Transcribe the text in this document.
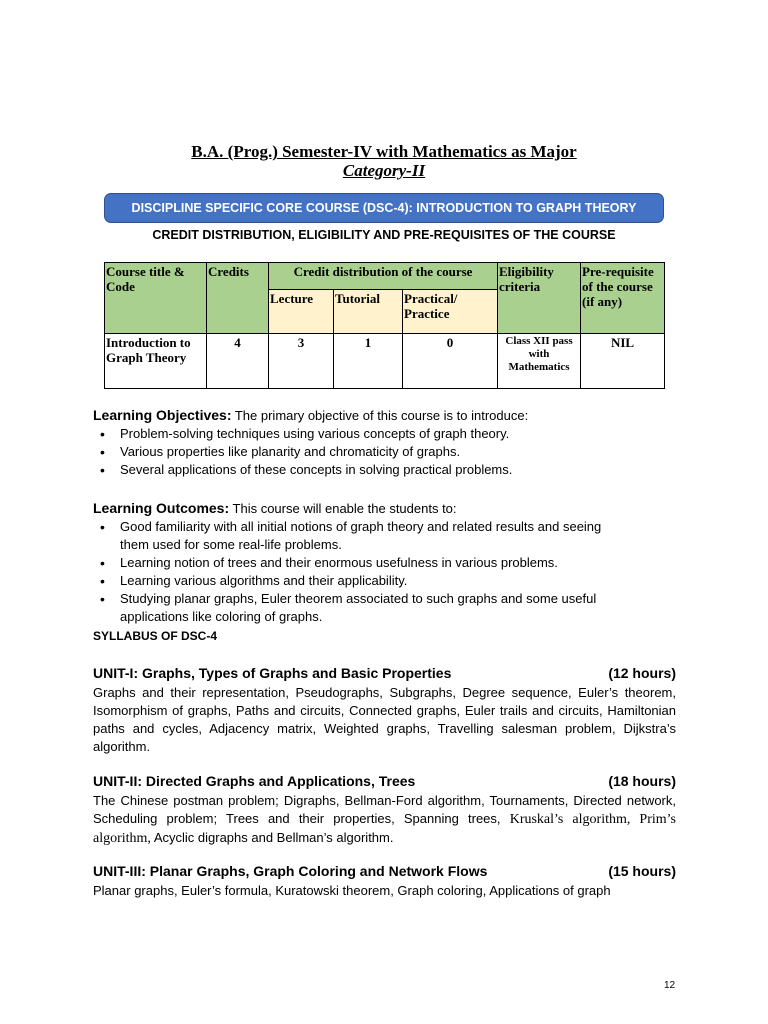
B.A. (Prog.) Semester-IV with Mathematics as Major
Category-II
DISCIPLINE SPECIFIC CORE COURSE (DSC-4): INTRODUCTION TO GRAPH THEORY
CREDIT DISTRIBUTION, ELIGIBILITY AND PRE-REQUISITES OF THE COURSE
Course title & Code	Credits	Credit distribution of the course			Eligibility criteria	Pre-requisite of the course (if any)
		Lecture	Tutorial	Practical/ Practice		
Introduction to Graph Theory	4	3	1	0	Class XII pass with Mathematics	NIL
Learning Objectives: The primary objective of this course is to introduce:
• Problem-solving techniques using various concepts of graph theory.
• Various properties like planarity and chromaticity of graphs.
• Several applications of these concepts in solving practical problems.
Learning Outcomes: This course will enable the students to:
• Good familiarity with all initial notions of graph theory and related results and seeing them used for some real-life problems.
• Learning notion of trees and their enormous usefulness in various problems.
• Learning various algorithms and their applicability.
• Studying planar graphs, Euler theorem associated to such graphs and some useful applications like coloring of graphs.
SYLLABUS OF DSC-4
UNIT-I: Graphs, Types of Graphs and Basic Properties	(12 hours)
Graphs and their representation, Pseudographs, Subgraphs, Degree sequence, Euler’s theorem, Isomorphism of graphs, Paths and circuits, Connected graphs, Euler trails and circuits, Hamiltonian paths and cycles, Adjacency matrix, Weighted graphs, Travelling salesman problem, Dijkstra’s algorithm.
UNIT-II: Directed Graphs and Applications, Trees	(18 hours)
The Chinese postman problem; Digraphs, Bellman-Ford algorithm, Tournaments, Directed network, Scheduling problem; Trees and their properties, Spanning trees, Kruskal’s algorithm, Prim’s algorithm, Acyclic digraphs and Bellman’s algorithm.
UNIT-III: Planar Graphs, Graph Coloring and Network Flows	(15 hours)
Planar graphs, Euler’s formula, Kuratowski theorem, Graph coloring, Applications of graph
12
